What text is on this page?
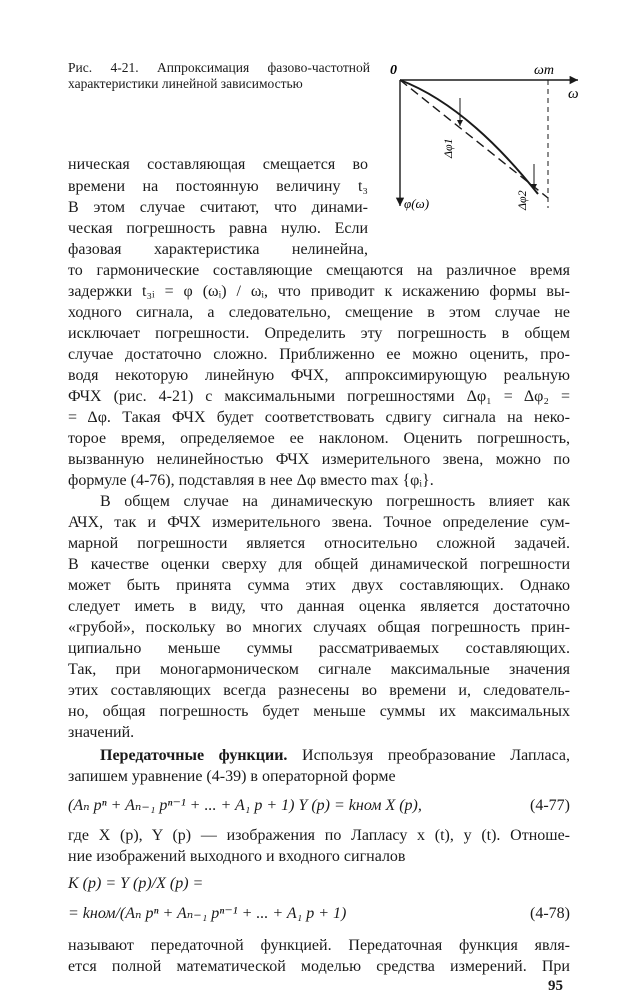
Рис. 4-21. Аппроксимация фазово-частотной характеристики линейной зависимостью
0	ωm
ω
φ(ω)
Δφ1
Δφ2
ническая составляющая смещается во
времени на постоянную величину t₃
В этом случае считают, что динами-
ческая погрешность равна нулю. Если
фазовая характеристика нелинейна,
то гармонические составляющие смещаются на различное время
задержки t₃ᵢ = φ (ωᵢ) / ωᵢ, что приводит к искажению формы вы-
ходного сигнала, а следовательно, смещение в этом случае не
исключает погрешности. Определить эту погрешность в общем
случае достаточно сложно. Приближенно ее можно оценить, про-
водя некоторую линейную ФЧХ, аппроксимирующую реальную
ФЧХ (рис. 4-21) с максимальными погрешностями Δφ₁ = Δφ₂ =
= Δφ. Такая ФЧХ будет соответствовать сдвигу сигнала на неко-
торое время, определяемое ее наклоном. Оценить погрешность,
вызванную нелинейностью ФЧХ измерительного звена, можно по
формуле (4-76), подставляя в нее Δφ вместо max {φᵢ}.
В общем случае на динамическую погрешность влияет как
АЧХ, так и ФЧХ измерительного звена. Точное определение сум-
марной погрешности является относительно сложной задачей.
В качестве оценки сверху для общей динамической погрешности
может быть принята сумма этих двух составляющих. Однако
следует иметь в виду, что данная оценка является достаточно
«грубой», поскольку во многих случаях общая погрешность прин-
ципиально меньше суммы рассматриваемых составляющих.
Так, при моногармоническом сигнале максимальные значения
этих составляющих всегда разнесены во времени и, следователь-
но, общая погрешность будет меньше суммы их максимальных
значений.
Передаточные функции. Используя преобразование Лапласа,
запишем уравнение (4-39) в операторной форме
(Aₙ pⁿ + Aₙ₋₁ pⁿ⁻¹ + ... + A₁ p + 1) Y (p) = kном X (p),	(4-77)
где X (p), Y (p) — изображения по Лапласу x (t), y (t). Отноше-
ние изображений выходного и входного сигналов
K (p) = Y (p)/X (p) =
= kном/(Aₙ pⁿ + Aₙ₋₁ pⁿ⁻¹ + ... + A₁ p + 1)	(4-78)
называют передаточной функцией. Передаточная функция явля-
ется полной математической моделью средства измерений. При
95
